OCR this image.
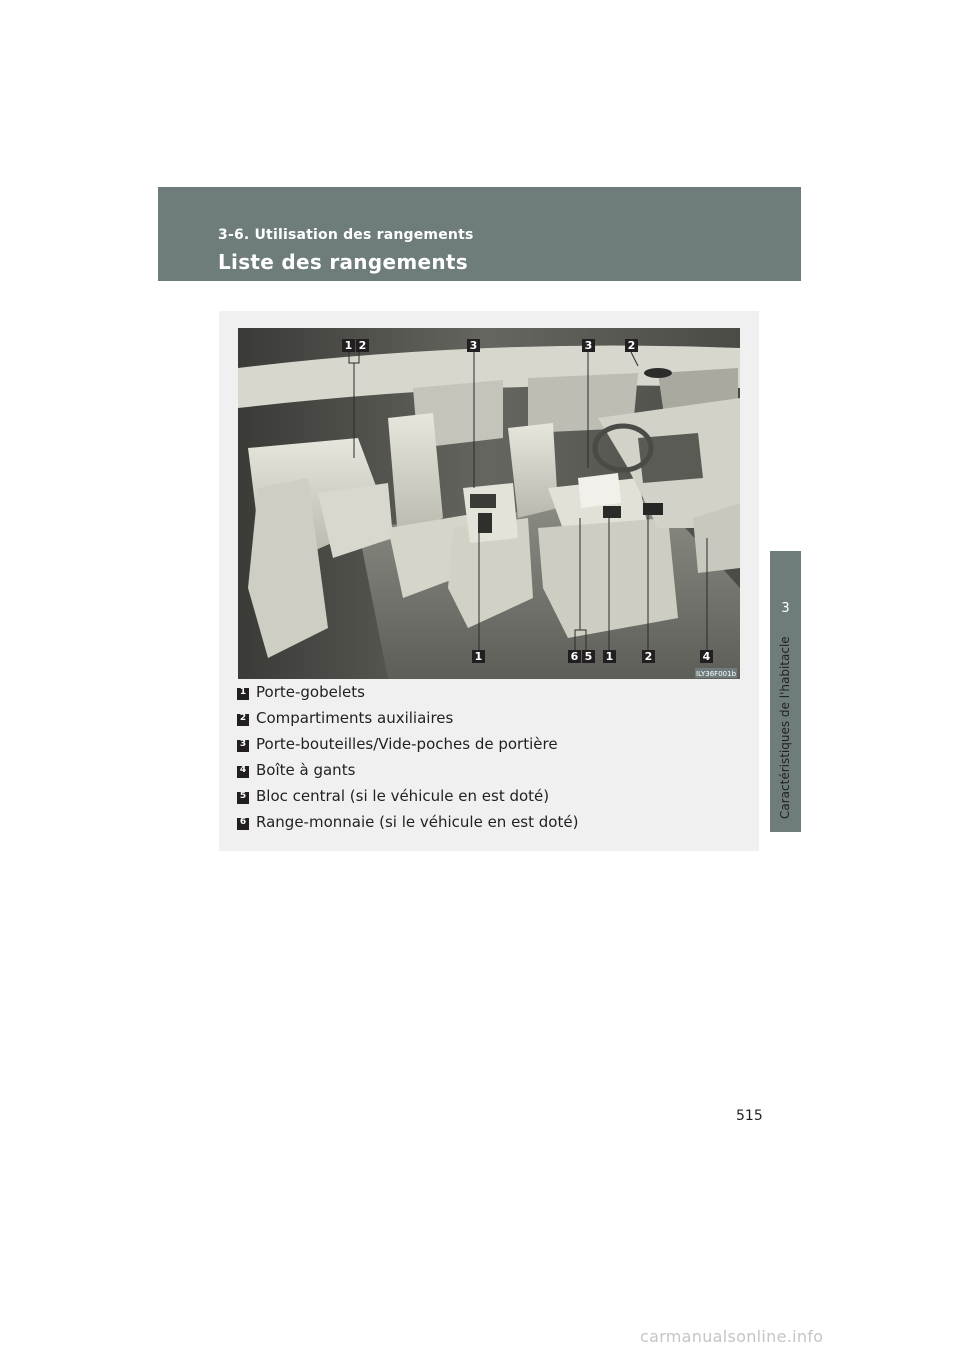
3-6. Utilisation des rangements
Liste des rangements
3
Caractéristiques de l'habitacle
1 2	3	3	2
1	6 5 1	2	4
ILY36F001b
1
Porte-gobelets
2
Compartiments auxiliaires
3
Porte-bouteilles/Vide-poches de portière
4
Boîte à gants
5
Bloc central (si le véhicule en est doté)
6
Range-monnaie (si le véhicule en est doté)
515
carmanualsonline.info
